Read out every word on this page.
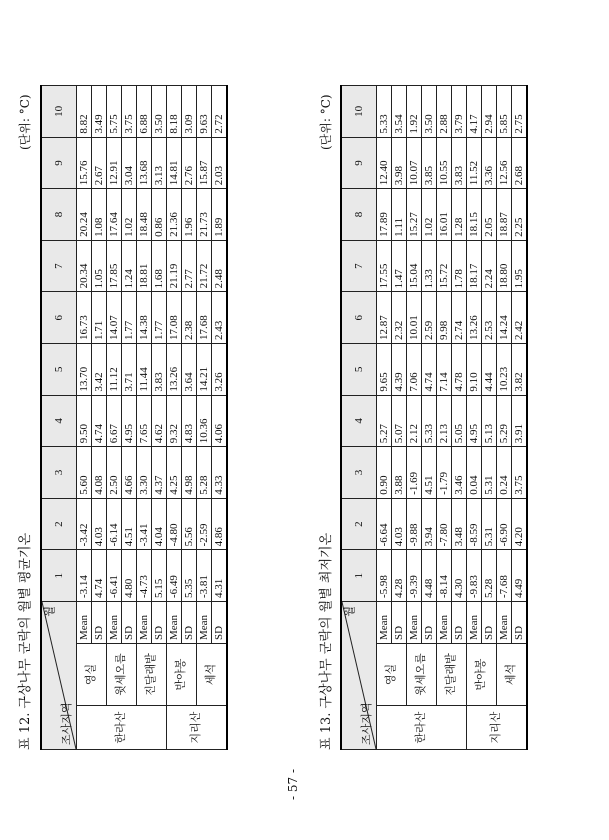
표 12. 구상나무 군락의 월별 평균기온
(단위: °C)
조사지역
월			1	2	3	4	5	6	7	8	9	10
한라산	영실	Mean	-3.14	-3.42	5.60	9.50	13.70	16.73	20.34	20.24	15.76	8.82
		SD	4.74	4.03	4.08	4.74	3.42	1.71	1.05	1.08	2.67	3.49
	윗세오름	Mean	-6.41	-6.14	2.50	6.67	11.12	14.07	17.85	17.64	12.91	5.75
		SD	4.80	4.51	4.66	4.95	3.71	1.77	1.24	1.02	3.04	3.75
	진달래밭	Mean	-4.73	-3.41	3.30	7.65	11.44	14.38	18.81	18.48	13.68	6.88
		SD	5.15	4.04	4.37	4.62	3.83	1.77	1.68	0.86	3.13	3.50
지리산	반야봉	Mean	-6.49	-4.80	4.25	9.32	13.26	17.08	21.19	21.36	14.81	8.18
		SD	5.35	5.56	4.98	4.83	3.64	2.38	2.77	1.96	2.76	3.09
	세석	Mean	-3.81	-2.59	5.28	10.36	14.21	17.68	21.72	21.73	15.87	9.63
		SD	4.31	4.86	4.33	4.06	3.26	2.43	2.48	1.89	2.03	2.72
표 13. 구상나무 군락의 월별 최저기온
(단위: °C)
조사지역
월			1	2	3	4	5	6	7	8	9	10
한라산	영실	Mean	-5.98	-6.64	0.90	5.27	9.65	12.87	17.55	17.89	12.40	5.33
		SD	4.28	4.03	3.88	5.07	4.39	2.32	1.47	1.11	3.98	3.54
	윗세오름	Mean	-9.39	-9.88	-1.69	2.12	7.06	10.01	15.04	15.27	10.07	1.92
		SD	4.48	3.94	4.51	5.33	4.74	2.59	1.33	1.02	3.85	3.50
	진달래밭	Mean	-8.14	-7.80	-1.79	2.13	7.14	9.98	15.72	16.01	10.55	2.88
		SD	4.30	3.48	3.46	5.05	4.78	2.74	1.78	1.28	3.83	3.79
지리산	반야봉	Mean	-9.83	-8.59	0.04	4.95	9.10	13.26	18.17	18.15	11.52	4.17
		SD	5.28	5.31	5.31	5.13	4.44	2.53	2.24	2.05	3.36	2.94
	세석	Mean	-7.68	-6.90	0.24	5.29	10.23	14.24	18.80	18.87	12.56	5.85
		SD	4.49	4.20	3.75	3.91	3.82	2.42	1.95	2.25	2.68	2.75
- 57 -
